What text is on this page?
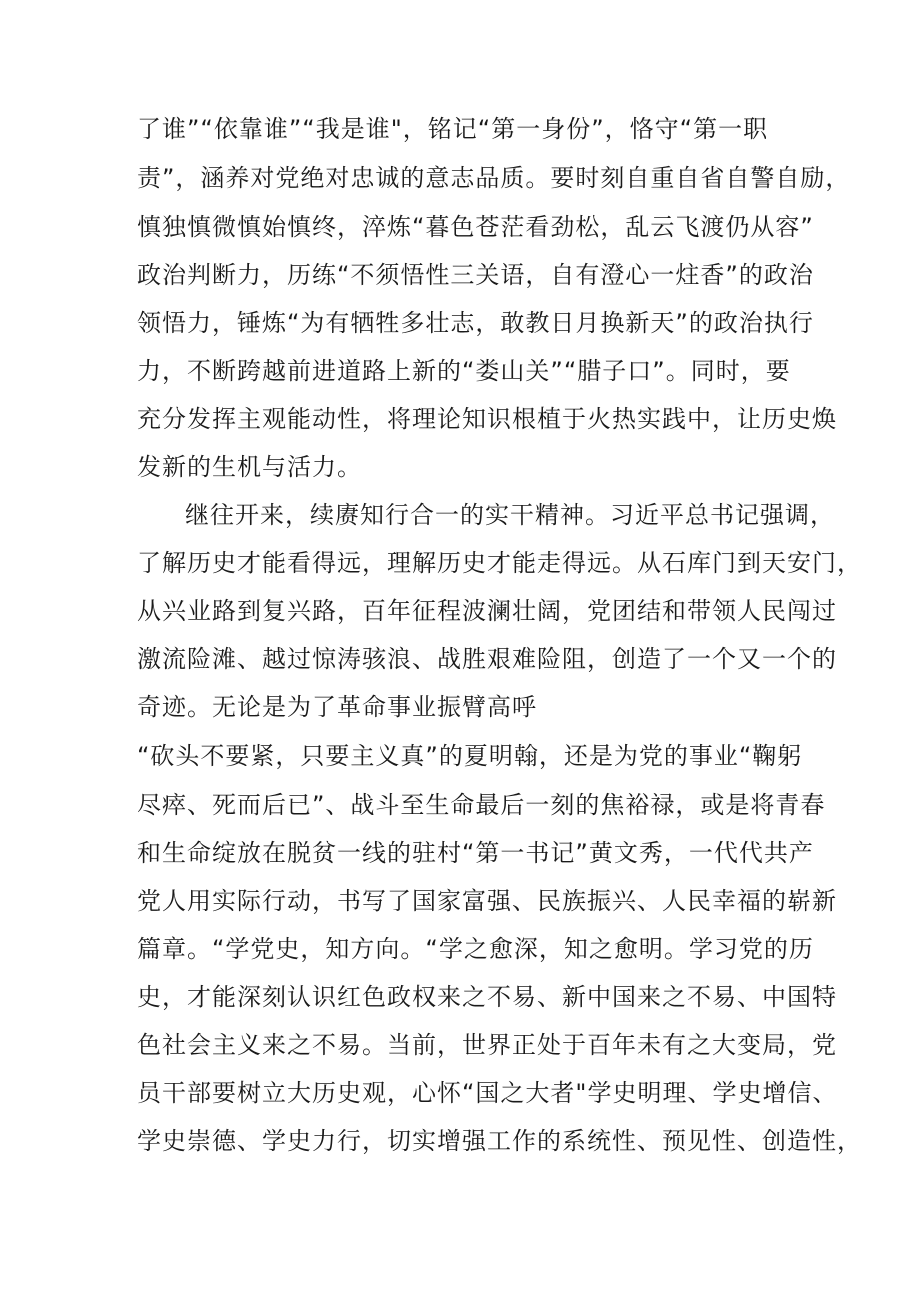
了谁”“依靠谁”“我是谁"，铭记“第一身份”，恪守“第一职
责”，涵养对党绝对忠诚的意志品质。要时刻自重自省自警自励，
慎独慎微慎始慎终，淬炼“暮色苍茫看劲松，乱云飞渡仍从容”
政治判断力，历练“不须悟性三关语，自有澄心一炷香”的政治
领悟力，锤炼“为有牺牲多壮志，敢教日月换新天”的政治执行
力，不断跨越前进道路上新的“娄山关”“腊子口”。同时，要
充分发挥主观能动性，将理论知识根植于火热实践中，让历史焕
发新的生机与活力。
继往开来，续赓知行合一的实干精神。习近平总书记强调，
了解历史才能看得远，理解历史才能走得远。从石库门到天安门，
从兴业路到复兴路，百年征程波澜壮阔，党团结和带领人民闯过
激流险滩、越过惊涛骇浪、战胜艰难险阻，创造了一个又一个的
奇迹。无论是为了革命事业振臂高呼
“砍头不要紧，只要主义真”的夏明翰，还是为党的事业“鞠躬
尽瘁、死而后已”、战斗至生命最后一刻的焦裕禄，或是将青春
和生命绽放在脱贫一线的驻村“第一书记”黄文秀，一代代共产
党人用实际行动，书写了国家富强、民族振兴、人民幸福的崭新
篇章。“学党史，知方向。“学之愈深，知之愈明。学习党的历
史，才能深刻认识红色政权来之不易、新中国来之不易、中国特
色社会主义来之不易。当前，世界正处于百年未有之大变局，党
员干部要树立大历史观，心怀“国之大者"学史明理、学史增信、
学史崇德、学史力行，切实增强工作的系统性、预见性、创造性，
